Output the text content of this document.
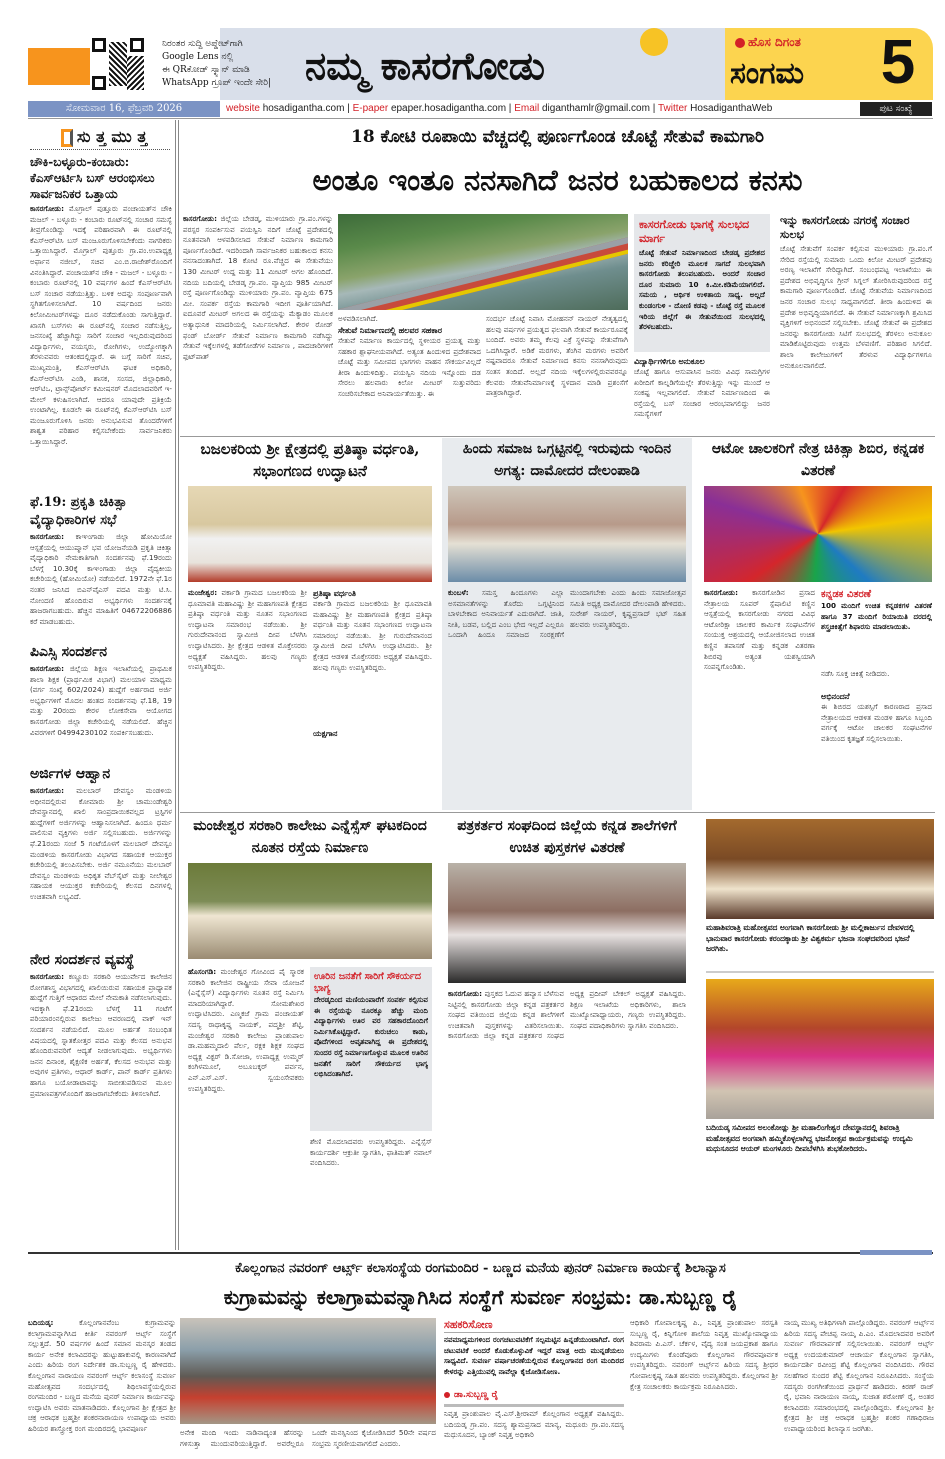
ನಿರಂತರ ಸುದ್ದಿ ಅಪ್ಡೇಟ್‌ಗಾಗಿ
Google Lens ನಲ್ಲಿ
ಈ QRಕೋಡ್ ಸ್ಕ್ಯಾನ್ ಮಾಡಿ
WhatsApp ಗ್ರೂಪ್ ಇಂದೇ ಸೇರಿ| ನಮ್ಮ ಕಾಸರಗೋಡು
ಹೊಸ ದಿಗಂತ
ಸಂಗಮ	5
ಸೋಮವಾರ 16, ಫೆಬ್ರವರಿ 2026	website hosadigantha.com | E-paper epaper.hosadigantha.com | Email diganthamlr@gmail.com | Twitter HosadiganthaWeb	ಪುಟ ಸಂಖ್ಯೆ
ಸು ತ್ತ ಮು ತ್ತ
ಚೌಕಿ-ಬಳ್ಳೂರು-ಕಂಬಾರು: ಕೆಎಸ್ಆರ್ಟಿಸಿ ಬಸ್ ಆರಂಭಿಸಲು ಸಾರ್ವಜನಿಕರ ಒತ್ತಾಯ
ಕಾಸರಗೋಡು: ಮೊಗ್ರಾಲ್ ಪುತ್ತೂರು ಪಂಚಾಯತ್‌ನ ಚೌಕಿ ಮಜಲ್ - ಬಳ್ಳೂರು - ಕಂಬಾರು ರೂಟ್‌ನಲ್ಲಿ ಸಂಚಾರ ಸಮಸ್ಯೆ ತೀವ್ರಗೊಂಡಿದ್ದು ಇದಕ್ಕೆ ಪರಿಹಾರವಾಗಿ ಈ ರೂಟ್‌ನಲ್ಲಿ ಕೆಎಸ್ಆರ್‌ಟಿಸಿ ಬಸ್ ಮಂಜೂರುಗೊಳಿಸಬೇಕೆಂದು ನಾಗರಿಕರು ಒತ್ತಾಯಿಸಿದ್ದಾರೆ. ಮೊಗ್ರಾಲ್ ಪುತ್ತೂರು ಗ್ರಾ.ಪಂ.ಉಪಾಧ್ಯಕ್ಷ ಅರ್ಫಾನ ನಜೀಬ್, ಸಚಿವ ಎಂ.ಬಿ.ರಾಜೇಶ್‌ರೊಂದಿಗೆ ವಿನಂತಿಸಿದ್ದಾರೆ. ಪಂಚಾಯತ್‌ನ ಚೌಕಿ - ಮಜಲ್ - ಬಳ್ಳೂರು - ಕಂಬಾರು ರೂಟ್‌ನಲ್ಲಿ 10 ವರ್ಷಗಳ ಹಿಂದೆ ಕೆಎಸ್ಆರ್‌ಟಿಸಿ ಬಸ್ ಸಂಚಾರ ನಡೆಯುತ್ತಿತ್ತು. ಬಳಿಕ ಅದನ್ನು ಸಂಪೂರ್ಣವಾಗಿ ಸ್ಥಗಿತಗೊಳಿಸಲಾಗಿದೆ. 10 ವರ್ಷದಿಂದ ಜನರು ಕಿಲೋಮೀಟರ್‌ಗಳಷ್ಟು ದೂರ ನಡೆದುಕೊಂಡು ಸಾಗುತ್ತಿದ್ದಾರೆ. ಖಾಸಗಿ ಬಸ್‌ಗಳು ಈ ರೂಟ್‌ನಲ್ಲಿ ಸಂಚಾರ ನಡೆಸುತ್ತಿಲ್ಲ, ಜನಸಂಖ್ಯೆ ಹೆಚ್ಚಾಗಿದ್ದು ಸಾರಿಗೆ ಸಂಚಾರ ಇಲ್ಲದಿರುವುದರಿಂದ ವಿದ್ಯಾರ್ಥಿಗಳು, ವಯಸ್ಕರು, ರೋಗಿಗಳು, ಉದ್ಯೋಗಕ್ಕಾಗಿ ತೆರಳುವವರು ಆತಂಕದಲ್ಲಿದ್ದಾರೆ. ಈ ಬಗ್ಗೆ ಸಾರಿಗೆ ಸಚಿವ, ಮುಖ್ಯಮಂತ್ರಿ, ಕೆಎಸ್ಆರ್‌ಟಿಸಿ ಘಟಕ ಅಧಿಕಾರಿ, ಕೆಎಸ್ಆರ್‌ಟಿಸಿ ಎಂಡಿ, ಶಾಸಕ, ಸಂಸದ, ಜಿಲ್ಲಾಧಿಕಾರಿ, ಆರ್‌ಟಿಒ, ಟ್ರಾನ್ಸ್‌ಪೋರ್ಟ್ ಕಮೀಷನರ್ ಮೊದಲಾದವರಿಗೆ ಇ-ಮೇಲ್ ಕಳುಹಿಸಲಾಗಿದೆ. ಆದರೂ ಯಾವುದೇ ಪ್ರತಿಕ್ರಿಯೆ ಉಂಟಾಗಿಲ್ಲ. ಕೂಡಲೇ ಈ ರೂಟ್‌ನಲ್ಲಿ ಕೆಎಸ್ಆರ್‌ಟಿಸಿ ಬಸ್ ಮಂಜೂರುಗೊಳಿಸಿ ಜನರು ಅನುಭವಿಸುವ ತೊಂದರೆಗಳಿಗೆ ಶಾಶ್ವತ ಪರಿಹಾರ ಕಲ್ಪಿಸಬೇಕೆಂದು ಸಾರ್ವಜನಿಕರು ಒತ್ತಾಯಿಸಿದ್ದಾರೆ.
ಫೆ.19: ಪ್ರಕೃತಿ ಚಿಕಿತ್ಸಾ ವೈದ್ಯಾಧಿಕಾರಿಗಳ ಸಭೆ
ಕಾಸರಗೋಡು: ಕಾಞಂಗಾಡು ಜಿಲ್ಲಾ ಹೋಮಿಯೋ ಆಸ್ಪತ್ರೆಯಲ್ಲಿ ಆಯುಷ್ಮಾನ್ ಭವ ಯೋಜನೆಯಡಿ ಪ್ರಕೃತಿ ಚಿಕಿತ್ಸಾ ವೈದ್ಯಾಧಿಕಾರಿ ನೇಮಕಾತಿಗಾಗಿ ಸಂದರ್ಶನವು ಫೆ.19ರಂದು ಬೆಳಗ್ಗೆ 10.30ಕ್ಕೆ ಕಾಞಂಗಾಡು ಜಿಲ್ಲಾ ವೈದ್ಯಕೀಯ ಕಚೇರಿಯಲ್ಲಿ (ಹೋಮಿಯೋ) ನಡೆಯಲಿದೆ. 1972ನೇ ಫೆ.1ರ ನಂತರ ಜನಿಸಿದ ಬಿಎನ್‌ವೈಎಸ್ ಪದವಿ ಮತ್ತು ಟಿ.ಸಿ. ನೋಂದಣಿ ಹೊಂದಿರುವ ಅಭ್ಯರ್ಥಿಗಳು ಸಂದರ್ಶನಕ್ಕೆ ಹಾಜರಾಗಬಹುದು. ಹೆಚ್ಚಿನ ಮಾಹಿತಿಗೆ 04672206886 ಕರೆ ಮಾಡಬಹುದು.
ಪಿಎಸ್ಸಿ ಸಂದರ್ಶನ
ಕಾಸರಗೋಡು: ಜಿಲ್ಲೆಯ ಶಿಕ್ಷಣ ಇಲಾಖೆಯಲ್ಲಿ ಪ್ರಾಥಮಿಕ ಶಾಲಾ ಶಿಕ್ಷಕ (ಪ್ರಾರ್ಥಮಿಕ ವಿಭಾಗ) ಮಲಯಾಳ ಮಾಧ್ಯಮ (ವರ್ಗ ಸಂಖ್ಯೆ 602/2024) ಹುದ್ದೆಗೆ ಅರ್ಹರಾದ ಅರ್ಜಿ ಅಭ್ಯರ್ಥಿಗಳಿಗೆ ಮೊದಲ ಹಂತದ ಸಂದರ್ಶನವು ಫೆ.18, 19 ಮತ್ತು 20ರಂದು ಕೇರಳ ಲೋಕಸೇವಾ ಆಯೋಗದ ಕಾಸರಗೋಡು ಜಿಲ್ಲಾ ಕಚೇರಿಯಲ್ಲಿ ನಡೆಯಲಿದೆ. ಹೆಚ್ಚಿನ ವಿವರಗಳಿಗೆ 04994230102 ಸಂಪರ್ಕಿಸಬಹುದು.
ಅರ್ಜಿಗಳ ಆಹ್ವಾನ
ಕಾಸರಗೋಡು: ಮಲಬಾರ್ ದೇವಸ್ವಂ ಮಂಡಳಿಯ ಅಧೀನದಲ್ಲಿರುವ ಕೋಮಾರು ಶ್ರೀ ಚಾಮುಂಡೇಶ್ವರಿ ದೇವಸ್ಥಾನದಲ್ಲಿ ಖಾಲಿ ಸಾಂಪ್ರದಾಯಿಕವಲ್ಲದ ಟ್ರಸ್ಟಿಗಳ ಹುದ್ದೆಗಳಿಗೆ ಅರ್ಜಿಗಳನ್ನು ಆಹ್ವಾನಿಸಲಾಗಿದೆ. ಹಿಂದೂ ಧರ್ಮ ಪಾಲಿಸುವ ವ್ಯಕ್ತಿಗಳು ಅರ್ಜಿ ಸಲ್ಲಿಸಬಹುದು. ಅರ್ಜಿಗಳನ್ನು ಫೆ.21ರಂದು ಸಂಜೆ 5 ಗಂಟೆಯೊಳಗೆ ಮಲಬಾರ್ ದೇವಸ್ವಂ ಮಂಡಳಿಯ ಕಾಸರಗೋಡು ವಿಭಾಗದ ಸಹಾಯಕ ಆಯುಕ್ತರ ಕಚೇರಿಯಲ್ಲಿ ತಲುಪಿಸಬೇಕು. ಅರ್ಜಿ ನಮೂನೆಯು ಮಲಬಾರ್ ದೇವಸ್ವಂ ಮಂಡಳಿಯ ಅಧಿಕೃತ ವೆಬ್‌ಸೈಟ್ ಮತ್ತು ನೀಲೇಶ್ವರ ಸಹಾಯಕ ಆಯುಕ್ತರ ಕಚೇರಿಯಲ್ಲಿ ಕೆಲಸದ ದಿನಗಳಲ್ಲಿ ಉಚಿತವಾಗಿ ಲಭ್ಯವಿದೆ.
ನೇರ ಸಂದರ್ಶನ ವ್ಯವಸ್ಥೆ
ಕಾಸರಗೋಡು: ಕಣ್ಣೂರು ಸರಕಾರಿ ಆಯುರ್ವೇದ ಕಾಲೇಜಿನ ರೋಗಶಾಸ್ತ್ರ ವಿಭಾಗದಲ್ಲಿ ಖಾಲಿಯಿರುವ ಸಹಾಯಕ ಪ್ರಾಧ್ಯಾಪಕ ಹುದ್ದೆಗೆ ಗುತ್ತಿಗೆ ಆಧಾರದ ಮೇಲೆ ನೇಮಕಾತಿ ನಡೆಸಲಾಗುವುದು. ಇದಕ್ಕಾಗಿ ಫೆ.21ರಂದು ಬೆಳಗ್ಗೆ 11 ಗಂಟೆಗೆ ಪರಿಯಾರಂನಲ್ಲಿರುವ ಕಾಲೇಜು ಆವರಣದಲ್ಲಿ ವಾಕ್ ಇನ್ ಸಂದರ್ಶನ ನಡೆಯಲಿದೆ. ಮೂಲ ಅರ್ಹತೆ ಸಂಬಂಧಿತ ವಿಷಯದಲ್ಲಿ ಸ್ನಾತಕೋತ್ತರ ಪದವಿ ಮತ್ತು ಕೆಲಸದ ಅನುಭವ ಹೊಂದಿರುವವರಿಗೆ ಆದ್ಯತೆ ನೀಡಲಾಗುವುದು. ಅಭ್ಯರ್ಥಿಗಳು ಜನನ ದಿನಾಂಕ, ಶೈಕ್ಷಣಿಕ ಅರ್ಹತೆ, ಕೆಲಸದ ಅನುಭವ ಮತ್ತು ಅವುಗಳ ಪ್ರತಿಗಳು, ಆಧಾರ್ ಕಾರ್ಡ್, ಪಾನ್ ಕಾರ್ಡ್ ಪ್ರತಿಗಳು ಹಾಗೂ ಬಯೋಡಾಟಾವನ್ನು ಸಾಬೀತುಪಡಿಸುವ ಮೂಲ ಪ್ರಮಾಣಪತ್ರಗಳೊಂದಿಗೆ ಹಾಜರಾಗಬೇಕೆಂದು ತಿಳಿಸಲಾಗಿದೆ.
18 ಕೋಟಿ ರೂಪಾಯಿ ವೆಚ್ಚದಲ್ಲಿ ಪೂರ್ಣಗೊಂಡ ಚೊಟ್ಟೆ ಸೇತುವೆ ಕಾಮಗಾರಿ
ಅಂತೂ ಇಂತೂ ನನಸಾಗಿದೆ ಜನರ ಬಹುಕಾಲದ ಕನಸು
ಕಾಸರಗೋಡು: ಜಿಲ್ಲೆಯ ಬೇಡಡ್ಕ, ಮುಳಿಯಾರು ಗ್ರಾ.ಪಂ.ಗಳನ್ನು ಪರಸ್ಪರ ಸಂಪರ್ಕಿಸುವ ಪಯಸ್ವಿನಿ ನದಿಗೆ ಚೊಟ್ಟೆ ಪ್ರದೇಶದಲ್ಲಿ ನೂತನವಾಗಿ ಆಳವಡಿಸಲಾದ ಸೇತುವೆ ನಿರ್ಮಾಣ ಕಾಮಗಾರಿ ಪೂರ್ಣಗೊಂಡಿದೆ. ಇದರಿಂದಾಗಿ ಸಾರ್ವಜನಿಕರ ಬಹುಕಾಲದ ಕನಸು ನನಸಾದಂತಾಗಿದೆ. 18 ಕೋಟಿ ರೂ.ವೆಚ್ಚದ ಈ ಸೇತುವೆಯು 130 ಮೀಟರ್ ಉದ್ದ ಮತ್ತು 11 ಮೀಟರ್ ಅಗಲ ಹೊಂದಿದೆ. ನದಿಯ ಬದಿಯಲ್ಲಿ ಬೇಡಡ್ಕ ಗ್ರಾ.ಪಂ. ವ್ಯಾಪ್ತಿಯ 985 ಮೀಟರ್ ರಸ್ತೆ ಪೂರ್ಣಗೊಂಡಿದ್ದು ಮುಳಿಯಾರು ಗ್ರಾ.ಪಂ. ವ್ಯಾಪ್ತಿಯ 675 ಮೀ. ಸಂಪರ್ಕ ರಸ್ತೆಯ ಕಾಮಗಾರಿ ಇದೀಗ ಪೂರ್ತಿಯಾಗಿದೆ. ಐದೂವರೆ ಮೀಟರ್ ಅಗಲದ ಈ ರಸ್ತೆಯನ್ನು ಮೆಕ್ಯಾಡಂ ಮೂಲಕ ಅತ್ಯಾಧುನಿಕ ಮಾದರಿಯಲ್ಲಿ ನಿರ್ಮಿಸಲಾಗಿದೆ. ಕೇರಳ ರೋಡ್ ಫಂಡ್ ಬೋರ್ಡ್ ಸೇತುವೆ ನಿರ್ಮಾಣ ಕಾಮಗಾರಿ ನಡೆಸಿದ್ದು ಸೇತುವೆ ಇಕ್ಕೆಲಗಳಲ್ಲಿ ತಡೆಗೋಡೆಗಳ ನಿರ್ಮಾಣ , ಪಾದಚಾರಿಗಳಿಗೆ ಫುಟ್‌ಪಾತ್
ಅಳವಡಿಸಲಾಗಿದೆ.
ಸೇತುವೆ ನಿರ್ಮಾಣದಲ್ಲಿ ಹಲವರ ಸಹಕಾರ
ಸೇತುವೆ ನಿರ್ಮಾಣ ಕಾರ್ಯದಲ್ಲಿ ಸ್ಥಳೀಯರ ಪ್ರಯತ್ನ ಮತ್ತು ಸಹಕಾರ ಶ್ಲಾಘನೀಯವಾಗಿದೆ. ಅತ್ಯಂತ ಹಿಂದುಳಿದ ಪ್ರದೇಶವಾದ ಚೊಟ್ಟೆ ಮತ್ತು ಸಮೀಪದ ಭಾಗಗಳು ವಾಹನ ಸೌಕರ್ಯವಿಲ್ಲದೆ ತೀರಾ ಹಿಂದುಳಿದಿತ್ತು. ಪಯಸ್ವಿನಿ ನದಿಯ ಇನ್ನೊಂದು ದಡ ಸೇರಲು ಹಲವಾರು ಕಿಲೋ ಮೀಟರ್ ಸುತ್ತುವರಿದು ಸಂಚರಿಸಬೇಕಾದ ಅನಿವಾರ್ಯತೆಯಿತ್ತು. ಈ
ಸಂದರ್ಭ ಚೊಟ್ಟೆ ನಿವಾಸಿ ಮೋಹನನ್ ನಾಯರ್ ನೇತೃತ್ವದಲ್ಲಿ ಹಲವು ವರ್ಷಗಳ ಪ್ರಯತ್ನದ ಫಲವಾಗಿ ಸೇತುವೆ ಕಾರ್ಯರೂಪಕ್ಕೆ ಬಂದಿದೆ. ಅವರು ತಮ್ಮ ಕೆಲವು ಎಕ್ರೆ ಸ್ಥಳವನ್ನು ಸೇತುವೆಗಾಗಿ ಒದಗಿಸಿದ್ದಾರೆ. ಅಡಿಕೆ ಮರಗಳು, ತೆಂಗಿನ ಮರಗಳು ಅವರಿಗೆ ನಷ್ಟವಾದರೂ ಸೇತುವೆ ನಿರ್ಮಾಣದ ಕನಸು ನನಸಾಗಿರುವುದು ಸಂತಸ ತಂದಿದೆ. ಅಲ್ಲದೆ ನದಿಯ ಇಕ್ಕೆಲಗಳಲ್ಲಿರುವವರನ್ನೂ ಕೆಲವರು ಸೇತುವೆನಿರ್ಮಾಣಕ್ಕೆ ಸ್ಥಳದಾನ ಮಾಡಿ ಪ್ರಶಂಸೆಗೆ ಪಾತ್ರರಾಗಿದ್ದಾರೆ.
ಕಾಸರಗೋಡು ಭಾಗಕ್ಕೆ ಸುಲಭದ ಮಾರ್ಗ
ಚೊಟ್ಟೆ ಸೇತುವೆ ನಿರ್ಮಾಣದಿಂದ ಬೇಡಡ್ಕ ಪ್ರದೇಶದ ಜನರು ಕರಿಚ್ಚೇರಿ ಮೂಲಕ ಸಾಗದೆ ಸುಲಭವಾಗಿ ಕಾಸರಗೋಡು ತಲುಪಬಹುದು. ಅಂದರೆ ಸಂಚಾರ ದೂರ ಸುಮಾರು 10 ಕಿ.ಮೀ.ಕಡಿಮೆಯಾಗಲಿದೆ. ಸಮಯ , ಆರ್ಥಿಕ ಉಳಿತಾಯ ಸಾಧ್ಯ. ಅಲ್ಲದೆ ಕುಂಡಂಗುಳಿ - ದೋಣಿ ಕಡವು - ಚೊಟ್ಟೆ ರಸ್ತೆ ಮೂಲಕ ಇರಿಯ ಜಿಲ್ಲೆಗೆ ಈ ಸೇತುವೆಯಿಂದ ಸುಲಭದಲ್ಲಿ ತೆರಳಬಹುದು.
ವಿದ್ಯಾರ್ಥಿಗಳಿಗೂ ಅನುಕೂಲ
ಚೊಟ್ಟೆ ಹಾಗೂ ಆಸುಪಾಸಿನ ಜನರು ವಿವಿಧ ಸಾಮಗ್ರಿಗಳ ಖರೀದಿಗೆ ಕಾಲ್ನಡಿಗೆಯಲ್ಲೇ ತೆರಳುತ್ತಿದ್ದು ಇನ್ನು ಮುಂದೆ ಆ ಸಂಕಷ್ಟ ಇಲ್ಲವಾಗಲಿದೆ. ಸೇತುವೆ ನಿರ್ಮಾಣದಿಂದ ಈ ರಸ್ತೆಯಲ್ಲಿ ಬಸ್ ಸಂಚಾರ ಆರಂಭವಾಗಲಿದ್ದು ಜನರ ಸಮಸ್ಯೆಗಳಿಗೆ
ಇನ್ನು ಕಾಸರಗೋಡು ನಗರಕ್ಕೆ ಸಂಚಾರ ಸುಲಭ
ಚೊಟ್ಟೆ ಸೇತುವೆಗೆ ಸಂಪರ್ಕ ಕಲ್ಪಿಸುವ ಮುಳಿಯಾರು ಗ್ರಾ.ಪಂ.ಗೆ ಸೇರಿದ ರಸ್ತೆಯಲ್ಲಿ ಸುಮಾರು ಒಂದು ಕಿಲೋ ಮೀಟರ್ ಪ್ರದೇಶವು ಅರಣ್ಯ ಇಲಾಖೆಗೆ ಸೇರಿದ್ದಾಗಿದೆ. ಸಂಬಂಧಪಟ್ಟ ಇಲಾಖೆಯು ಈ ಪ್ರದೇಶದ ಅಭಿವೃದ್ಧಿಗೂ ಗ್ರೀನ್ ಸಿಗ್ನಲ್ ತೋರಿಸಿರುವುದರಿಂದ ರಸ್ತೆ ಕಾಮಗಾರಿ ಪೂರ್ಣಗೊಂಡಿದೆ. ಚೊಟ್ಟೆ ಸೇತುವೆಯ ನಿರ್ಮಾಣದಿಂದ ಜನರ ಸಂಚಾರ ಸುಲಭ ಸಾಧ್ಯವಾಗಲಿದೆ. ತೀರಾ ಹಿಂದುಳಿದ ಈ ಪ್ರದೇಶ ಅಭಿವೃದ್ಧಿಯಾಗಲಿದೆ. ಈ ಸೇತುವೆ ನಿರ್ಮಾಣಕ್ಕಾಗಿ ಶ್ರಮಿಸಿದ ವ್ಯಕ್ತಿಗಳಿಗೆ ಅಭಿನಂದನೆ ಸಲ್ಲಿಸಬೇಕು. ಚೊಟ್ಟೆ ಸೇತುವೆ ಈ ಪ್ರದೇಶದ ಜನರನ್ನು ಕಾಸರಗೋಡು ಸಿಟಿಗೆ ಸುಲಭದಲ್ಲಿ ತೆರಳಲು ಅನುಕೂಲ ಮಾಡಿಕೊಟ್ಟಿರುವುದು ಉತ್ತಮ ಬೆಳವಣಿಗೆ. ಪರಿಹಾರ ಸಿಗಲಿದೆ. ಶಾಲಾ ಕಾಲೇಜುಗಳಿಗೆ ತೆರಳುವ ವಿದ್ಯಾರ್ಥಿಗಳಿಗೂ ಅನುಕೂಲವಾಗಲಿದೆ.
ಬಜಲಕರಿಯ ಶ್ರೀ ಕ್ಷೇತ್ರದಲ್ಲಿ ಪ್ರತಿಷ್ಠಾ ವರ್ಧಂತಿ, ಸಭಾಂಗಣದ ಉದ್ಘಾಟನೆ
ಮಂಜೇಶ್ವರ: ವರ್ಕಾಡಿ ಗ್ರಾಮದ ಬಜಲಕರಿಯ ಶ್ರೀ ಧೂಮಾವತಿ ಮಹಾವಿಷ್ಣು ಶ್ರೀ ಮಹಾಗಣಪತಿ ಕ್ಷೇತ್ರದ ಪ್ರತಿಷ್ಠಾ ವರ್ಧಂತಿ ಮತ್ತು ನೂತನ ಸಭಾಂಗಣದ ಉದ್ಘಾಟನಾ ಸಮಾರಂಭ ನಡೆಯಿತು. ಶ್ರೀ ಗುರುದೇವಾನಂದ ಸ್ವಾಮೀಜಿ ದೀಪ ಬೆಳಗಿಸಿ ಉದ್ಘಾಟಿಸಿದರು. ಶ್ರೀ ಕ್ಷೇತ್ರದ ಆಡಳಿತ ಮೊಕ್ತೇಸರರು ಅಧ್ಯಕ್ಷತೆ ವಹಿಸಿದ್ದರು. ಹಲವು ಗಣ್ಯರು ಉಪಸ್ಥಿತರಿದ್ದರು.
ಪ್ರತಿಷ್ಠಾ ವರ್ಧಂತಿ
ವರ್ಕಾಡಿ ಗ್ರಾಮದ ಬಜಲಕರಿಯ ಶ್ರೀ ಧೂಮಾವತಿ ಮಹಾವಿಷ್ಣು ಶ್ರೀ ಮಹಾಗಣಪತಿ ಕ್ಷೇತ್ರದ ಪ್ರತಿಷ್ಠಾ ವರ್ಧಂತಿ ಮತ್ತು ನೂತನ ಸಭಾಂಗಣದ ಉದ್ಘಾಟನಾ ಸಮಾರಂಭ ನಡೆಯಿತು. ಶ್ರೀ ಗುರುದೇವಾನಂದ ಸ್ವಾಮೀಜಿ ದೀಪ ಬೆಳಗಿಸಿ ಉದ್ಘಾಟಿಸಿದರು. ಶ್ರೀ ಕ್ಷೇತ್ರದ ಆಡಳಿತ ಮೊಕ್ತೇಸರರು ಅಧ್ಯಕ್ಷತೆ ವಹಿಸಿದ್ದರು. ಹಲವು ಗಣ್ಯರು ಉಪಸ್ಥಿತರಿದ್ದರು.
ಯಕ್ಷಗಾನ
ಹಿಂದು ಸಮಾಜ ಒಗ್ಗಟ್ಟಿನಲ್ಲಿ ಇರುವುದು ಇಂದಿನ ಅಗತ್ಯ: ದಾಮೋದರ ದೇಲಂಪಾಡಿ
ಕುಂಬಳೆ: ಸಮಸ್ತ ಹಿಂದೂಗಳು ಎಲ್ಲಾ ಅಸಮಾನತೆಗಳನ್ನು ತೊರೆದು ಒಗ್ಗಟ್ಟಿನಿಂದ ಬಾಳಬೇಕಾದ ಅನಿವಾರ್ಯತೆ ಎದುರಾಗಿದೆ. ಜಾತಿ, ನೀತಿ, ಬಡವ, ಬಲ್ಲಿದ ಎಂಬ ಭೇದ ಇಲ್ಲದೆ ಎಲ್ಲರೂ ಒಂದಾಗಿ ಹಿಂದೂ ಸಮಾಜದ ಸಂರಕ್ಷಣೆಗೆ ಮುಂದಾಗಬೇಕು ಎಂದು ಹಿಂದು ಸಮಾಜೋತ್ಸವ ಸಮಿತಿ ಅಧ್ಯಕ್ಷ ದಾಮೋದರ ದೇಲಂಪಾಡಿ ಹೇಳಿದರು. ಸುರೇಶ್ ನಾಯರ್, ಕೃಷ್ಣಪ್ರಸಾದ್ ಭಟ್ ಸಹಿತ ಹಲವರು ಉಪಸ್ಥಿತರಿದ್ದರು.
ಆಟೋ ಚಾಲಕರಿಗೆ ನೇತ್ರ ಚಿಕಿತ್ಸಾ ಶಿಬಿರ, ಕನ್ನಡಕ ವಿತರಣೆ
ಕಾಸರಗೋಡು: ಕಾಸರಗೋಡಿನ ಪ್ರಸಾದ ನೇತ್ರಾಲಯ ಸೂಪರ್ ಸ್ಪೆಷಾಲಿಟಿ ಕಣ್ಣಿನ ಆಸ್ಪತ್ರೆಯಲ್ಲಿ ಕಾಸರಗೋಡು ನಗರದ ವಿವಿಧ ಆಟೋರಿಕ್ಷಾ ಚಾಲಕರ ಕಾರ್ಮಿಕ ಸಂಘಟನೆಗಳ ಸಂಯುಕ್ತ ಆಶ್ರಯದಲ್ಲಿ ಆಯೋಜಿಸಲಾದ ಉಚಿತ ಕಣ್ಣಿನ ತಪಾಸಣೆ ಮತ್ತು ಕನ್ನಡಕ ವಿತರಣಾ ಶಿಬಿರವು ಅತ್ಯಂತ ಯಶಸ್ವಿಯಾಗಿ ಸಂಪನ್ನಗೊಂಡಿತು.
ಕನ್ನಡಕ ವಿತರಣೆ
100 ಮಂದಿಗೆ ಉಚಿತ ಕನ್ನಡಕಗಳ ವಿತರಣೆ ಹಾಗೂ 37 ಮಂದಿಗೆ ರಿಯಾಯಿತಿ ದರದಲ್ಲಿ ಶಸ್ತ್ರಚಿಕಿತ್ಸೆಗೆ ಶಿಫಾರಸು ಮಾಡಲಾಯಿತು.
ನಡೆಸಿ ಸೂಕ್ತ ಚಿಕಿತ್ಸೆ ನೀಡಿದರು.
ಅಭಿನಂದನೆ
ಈ ಶಿಬಿರದ ಯಶಸ್ಸಿಗೆ ಕಾರಣರಾದ ಪ್ರಸಾದ ನೇತ್ರಾಲಯದ ಆಡಳಿತ ಮಂಡಳಿ ಹಾಗೂ ಸಿಬ್ಬಂದಿ ವರ್ಗಕ್ಕೆ ಆಟೋ ಚಾಲಕರ ಸಂಘಟನೆಗಳ ವತಿಯಿಂದ ಕೃತಜ್ಞತೆ ಸಲ್ಲಿಸಲಾಯಿತು.
ಮಂಜೇಶ್ವರ ಸರಕಾರಿ ಕಾಲೇಜು ಎನ್ನೆಸ್ಸೆಸ್ ಘಟಕದಿಂದ ನೂತನ ರಸ್ತೆಯ ನಿರ್ಮಾಣ
ಹೊಸಂಗಡಿ: ಮಂಜೇಶ್ವರ ಗೋವಿಂದ ಪೈ ಸ್ಮಾರಕ ಸರಕಾರಿ ಕಾಲೇಜಿನ ರಾಷ್ಟ್ರೀಯ ಸೇವಾ ಯೋಜನೆ (ಎನ್ನೆಸ್ಸೆಸ್) ವಿದ್ಯಾರ್ಥಿಗಳು ನೂತನ ರಸ್ತೆ ನಿರ್ಮಿಸಿ ಮಾದರಿಯಾಗಿದ್ದಾರೆ. ಸೋಮಶೇಖರ ಉದ್ಘಾಟಿಸಿದರು. ಎಣ್ಮಕಜೆ ಗ್ರಾಮ ಪಂಚಾಯತ್ ಸದಸ್ಯ ರಾಧಾಕೃಷ್ಣ ನಾಯಕ್, ಪದ್ಮಶ್ರೀ ಶೆಟ್ಟಿ, ಮಂಜೇಶ್ವರ ಸರಕಾರಿ ಕಾಲೇಜು ಪ್ರಾಂಶುಪಾಲ ಡಾ.ಮಹಮ್ಮದಾಲಿ ಪೆರ್ಲ, ರಕ್ಷಕ ಶಿಕ್ಷಕ ಸಂಘದ ಅಧ್ಯಕ್ಷ ವಿಕ್ಟರ್ ಡಿ.ಸೋಜಾ, ಉಪಾಧ್ಯಕ್ಷ ಉಮ್ಮರ್ ಕಂಗಿಳಮೂಲೆ, ಅಬೂಬಕ್ಕರ್ ಪರ್ವನ, ಎನ್.ಎಸ್.ಎಸ್. ಸ್ವಯಂಸೇವಕರು ಉಪಸ್ಥಿತರಿದ್ದರು.
ಊರಿನ ಜನತೆಗೆ ಸಾರಿಗೆ ಸೌಕರ್ಯದ ಭಾಗ್ಯ
ದೇರಡ್ಕದಿಂದ ಮಣಿಯಂಪಾರೆಗೆ ಸಂಪರ್ಕ ಕಲ್ಪಿಸುವ ಈ ರಸ್ತೆಯನ್ನು ನೂರಕ್ಕೂ ಹೆಚ್ಚು ಮಂದಿ ವಿದ್ಯಾರ್ಥಿಗಳು ಊರ ವರ ಸಹಕಾರದೊಂದಿಗೆ ನಿರ್ಮಿಸಿಕೊಟ್ಟಿದ್ದಾರೆ. ಕುರುಚಲು ಕಾಡು, ಪೊದೆಗಳಿಂದ ಆವೃತವಾಗಿದ್ದ ಈ ಪ್ರದೇಶದಲ್ಲಿ ಸುಂದರ ರಸ್ತೆ ನಿರ್ಮಾಣಗೊಳ್ಳುವ ಮೂಲಕ ಊರಿನ ಜನತೆಗೆ ಸಾರಿಗೆ ಸೌಕರ್ಯದ ಭಾಗ್ಯ ಲಭಿಸಿದಂತಾಗಿದೆ.
ಶೇಣಿ ಮೊದಲಾದವರು ಉಪಸ್ಥಿತರಿದ್ದರು. ಎನ್ನೆಸ್ಸೆಸ್ ಕಾರ್ಯದರ್ಶಿ ಆಕ್ರುತೀ ಸ್ವಾಗತಿಸಿ, ಫಾತಿಮತ್ ನವಾಲ್ ವಂದಿಸಿದರು.
ಪತ್ರಕರ್ತರ ಸಂಘದಿಂದ ಜಿಲ್ಲೆಯ ಕನ್ನಡ ಶಾಲೆಗಳಿಗೆ ಉಚಿತ ಪುಸ್ತಕಗಳ ವಿತರಣೆ
ಕಾಸರಗೋಡು: ಪುಸ್ತಕದ ಓದುವ ಹವ್ಯಾಸ ಬೆಳೆಸುವ ನಿಟ್ಟಿನಲ್ಲಿ ಕಾಸರಗೋಡು ಜಿಲ್ಲಾ ಕನ್ನಡ ಪತ್ರಕರ್ತರ ಸಂಘದ ವತಿಯಿಂದ ಜಿಲ್ಲೆಯ ಕನ್ನಡ ಶಾಲೆಗಳಿಗೆ ಉಚಿತವಾಗಿ ಪುಸ್ತಕಗಳನ್ನು ವಿತರಿಸಲಾಯಿತು. ಕಾಸರಗೋಡು ಜಿಲ್ಲಾ ಕನ್ನಡ ಪತ್ರಕರ್ತರ ಸಂಘದ ಅಧ್ಯಕ್ಷ ಪ್ರದೀಪ್ ಬೇಕಲ್ ಅಧ್ಯಕ್ಷತೆ ವಹಿಸಿದ್ದರು. ಶಿಕ್ಷಣ ಇಲಾಖೆಯ ಅಧಿಕಾರಿಗಳು, ಶಾಲಾ ಮುಖ್ಯೋಪಾಧ್ಯಾಯರು, ಗಣ್ಯರು ಉಪಸ್ಥಿತರಿದ್ದರು. ಸಂಘದ ಪದಾಧಿಕಾರಿಗಳು ಸ್ವಾಗತಿಸಿ ವಂದಿಸಿದರು.
ಮಹಾಶಿವರಾತ್ರಿ ಮಹೋತ್ಸವದ ಅಂಗವಾಗಿ ಕಾಸರಗೋಡು ಶ್ರೀ ಮಲ್ಲಿಕಾರ್ಜುನ ದೇವಳದಲ್ಲಿ ಭಾನುವಾರ ಕಾಸರಗೋಡು ಕರಂದಕ್ಕಾಡು ಶ್ರೀ ವಿಶ್ವಕರ್ಮ ಭಜನಾ ಸಂಘದವರಿಂದ ಭಜನೆ ಜರಗಿತು.
ಬದಿಯಡ್ಕ ಸಮೀಪದ ಅಲಂಕೋಡ್ಲು ಶ್ರೀ ಮಹಾಲಿಂಗೇಶ್ವರ ದೇವಸ್ಥಾನದಲ್ಲಿ ಶಿವರಾತ್ರಿ ಮಹೋತ್ಸವದ ಅಂಗವಾಗಿ ಹಮ್ಮಿಕೊಳ್ಳಲಾಗಿದ್ದ ಭಜನೋತ್ಸವ ಕಾರ್ಯಕ್ರಮವನ್ನು ಉದ್ಯಮಿ ಮಧುಸೂದನ ಆಯರ್ ಮಂಗಳೂರು ದೀಪಬೆಳಗಿಸಿ ಶುಭಕೋರಿದರು.
ಕೊಲ್ಲಂಗಾನ ನವರಂಗ್ ಆರ್ಟ್ಸ್ ಕಲಾಸಂಸ್ಥೆಯ ರಂಗಮಂದಿರ - ಬಣ್ಣದ ಮನೆಯ ಪುನರ್ ನಿರ್ಮಾಣ ಕಾರ್ಯಕ್ಕೆ ಶಿಲಾನ್ಯಾಸ
ಕುಗ್ರಾಮವನ್ನು ಕಲಾಗ್ರಾಮವನ್ನಾಗಿಸಿದ ಸಂಸ್ಥೆಗೆ ಸುವರ್ಣ ಸಂಭ್ರಮ: ಡಾ.ಸುಬ್ಬಣ್ಣ ರೈ
ಬದಿಯಡ್ಕ:	ಕೊಲ್ಲಂಗಾನವೆಂಬ ಕುಗ್ರಾಮವನ್ನು ಕಲಾಗ್ರಾಮವನ್ನಾಗಿಸಿದ ಕೀರ್ತಿ ನವರಂಗ್ ಆರ್ಟ್ಸ್ ಸಂಸ್ಥೆಗೆ ಸಲ್ಲುತ್ತದೆ. 50 ವರ್ಷಗಳ ಹಿಂದೆ ಸಮಾನ ಮನಸ್ಕರ ತಂಡದ ಕಾರ್ಯ ಅನೇಕ ಕಲಾವಿದರನ್ನು ಹುಟ್ಟುಹಾಕುವಲ್ಲಿ ಕಾರಣವಾಗಿದೆ ಎಂದು ಹಿರಿಯ ರಂಗ ನಿರ್ದೇಶಕ ಡಾ.ಸುಬ್ಬಣ್ಣ ರೈ ಹೇಳಿದರು. ಕೊಲ್ಲಂಗಾನ ನಾರಾಯಣ ನವರಂಗ್ ಆರ್ಟ್ಸ್ ಕಲಾಸಂಸ್ಥೆ ಸುವರ್ಣ ಮಹೋತ್ಸವದ ಸಂದರ್ಭದಲ್ಲಿ ಶಿಥಿಲಾವಸ್ಥೆಯಲ್ಲಿರುವ ರಂಗಮಂದಿರ - ಬಣ್ಣದ ಮನೆಯ ಪುನರ್ ನಿರ್ಮಾಣ ಕಾರ್ಯವನ್ನು ಉದ್ಘಾಟಿಸಿ ಅವರು ಮಾತನಾಡಿದರು. ಕೊಲ್ಲಂಗಾನ ಶ್ರೀ ಕ್ಷೇತ್ರದ ಶ್ರೀ ಚಕ್ರ ಆರಾಧಕ ಬ್ರಹ್ಮಶ್ರೀ ಶಂಕರನಾರಾಯಣ ಉಪಾಧ್ಯಾಯ ಅವರು ಹಿರಿಯರ ಶಾಸ್ತ್ರೋಕ್ತ ರಂಗ ಮಂದಿರದಲ್ಲಿ ಭಾವಪೂರ್ಣ	ಅನೇಕ ಮಂದಿ ಇಂದು ನಾಡಿನಾದ್ಯಂತ ಹೆಸರನ್ನು ಗಳಿಸುತ್ತಾ ಮುಂದುವರಿಯುತ್ತಿದ್ದಾರೆ. ಅವರೆಲ್ಲರೂ ಒಂದೇ ಮನಸ್ಸಿನಿಂದ ಕೈಜೋಡಿಸಿದರೆ 50ನೇ ವರ್ಷದ ಸಂಭ್ರಮ ಸ್ಮರಣೀಯವಾಗಲಿದೆ ಎಂದರು.
ಸಹಕರಿಸೋಣ
ನವಮಾಧ್ಯಮಗಳಿಂದ ರಂಗಚಟುವಟಿಕೆಗೆ ಸಲ್ಪಮಟ್ಟಿನ ಹಿನ್ನಡೆಯುಂಟಾಗಿದೆ. ರಂಗ ಚಟುವಟಿಕೆ ಅಂದರೆ ಕೊಡುಕೊಳ್ಳುವಿಕೆ ಇದ್ದರೆ ಮಾತ್ರ ಅದು ಮುನ್ನಡೆಯಲು ಸಾಧ್ಯವಿದೆ. ಸುವರ್ಣ ವರ್ಷಾಚರಣೆಯಲ್ಲಿರುವ ಕೊಲ್ಲಂಗಾನದ ರಂಗ ಮಂದಿರದ ಕೇಳರನ್ನು ಎತ್ತಿಯುವಲ್ಲಿ ನಾವೆಲ್ಲಾ ಕೈಜೋಡಿಸೋಣ.
ಡಾ.ಸುಬ್ಬಣ್ಣ ರೈ
ನಿವೃತ್ತ ಪ್ರಾಂಶುಪಾಲ ವೈ.ಎಸ್.ಶ್ರೀರಾಮ್ ಕೊಲ್ಲಂಗಾನ ಅಧ್ಯಕ್ಷತೆ ವಹಿಸಿದ್ದರು. ಬದಿಯಡ್ಕ ಗ್ರಾ.ಪಂ. ಸದಸ್ಯ ಶ್ಯಾಮಪ್ರಸಾದ ಮಾನ್ಯ, ಮಧೂರು ಗ್ರಾ.ಪಂ.ಸದಸ್ಯ ಮಧುಸೂದನ, ಬ್ಯಾಂಕ್ ನಿವೃತ್ತ ಅಧಿಕಾರಿ
ಆಧಿಕಾರಿ ಗೋಪಾಲಕೃಷ್ಣ ಪಿ., ನಿವೃತ್ತ ಪ್ರಾಂಶುಪಾಲ ಸರಸ್ವತಿ ಸುಬ್ಬಣ್ಣ ರೈ, ಕಿನ್ನಿಗೋಳಿ ಶಾಲೆಯ ನಿವೃತ್ತ ಮುಖ್ಯೋಪಾಧ್ಯಾಯ ಶಿವರಾಮ ಪಿ.ಎಸ್. ಚೆರ್ಕಳ, ವೈದ್ಯ ಸಂತ ಜಯಪ್ರಕಾಶ ಹಾಗೂ ಉದ್ಯಮಿಗಳು ಕೊಂಡೆವೂರು ಕೊಲ್ಲಂಗಾನ ಗೌರವಪೂರ್ವಕ ಉಪಸ್ಥಿತರಿದ್ದರು. ನವರಂಗ್ ಆರ್ಟ್ಸ್‌ನ ಹಿರಿಯ ಸದಸ್ಯ ಶ್ರೀಧರ ಗೋಪಾಲಕೃಷ್ಣ ಸಹಿತ ಹಲವರು ಉಪಸ್ಥಿತರಿದ್ದರು. ಕೊಲ್ಲಂಗಾನ ಶ್ರೀ ಕ್ಷೇತ್ರ ಸಂಚಾಲಕರು ಕಾರ್ಯಕ್ರಮ ನಿರೂಪಿಸಿದರು.
ನಾಯ್ಕ ಮುಖ್ಯ ಅತಿಥಿಗಳಾಗಿ ಪಾಲ್ಗೊಂಡಿದ್ದರು. ನವರಂಗ್ ಆರ್ಟ್ಸ್‌ನ ಹಿರಿಯ ಸದಸ್ಯ ಪೇಚಪ್ಪ ನಾಯ್ಕ ಪಿ.ಎಂ. ಮೊದಲಾದವರ ಅವರಿಗೆ ಸುವರ್ಣ ಗೌರವಾರ್ಪಣೆ ಸಲ್ಲಿಸಲಾಯಿತು. ನವರಂಗ್ ಆರ್ಟ್ಸ್ ಅಧ್ಯಕ್ಷ ಉದಯಕುಮಾರ್ ಆಚಾರ್ಯ ಕೊಲ್ಲಂಗಾನ ಸ್ವಾಗತಿಸಿ, ಕಾರ್ಯದರ್ಶಿ ರವೀಂದ್ರ ಶೆಟ್ಟಿ ಕೊಲ್ಲಂಗಾನ ವಂದಿಸಿದರು. ಗೌರವ ಸಲಹೆಗಾರ ಸುಂದರ ಶೆಟ್ಟಿ ಕೊಲ್ಲಂಗಾನ ನಿರೂಪಿಸಿದರು. ಸಂಸ್ಥೆಯ ಸದಸ್ಯರು ರಂಗಗೀತೆಯಿಂದ ಪ್ರಾರ್ಥನೆ ಹಾಡಿದರು. ಕಿರಣ್ ರಾಜ್ ರೈ, ಭವಾನಿ ನಾರಾಯಣ ನಾಯ್ಕ, ಸುಜಾತ ಶರೋಣ್ ರೈ, ಅಂತರ ಕಲಾವಿದರು ಸಮಾರಂಭದಲ್ಲಿ ಪಾಲ್ಗೊಂಡಿದ್ದರು. ಕೊಲ್ಲಂಗಾನ ಶ್ರೀ ಕ್ಷೇತ್ರದ ಶ್ರೀ ಚಕ್ರ ಆರಾಧಕ ಬ್ರಹ್ಮಶ್ರೀ ಶಂಕರ ಗಣಾಧಿರಾಜ ಉಪಾಧ್ಯಾಯರಿಂದ ಶಿಲಾನ್ಯಾಸ ಜರಗಿತು.
